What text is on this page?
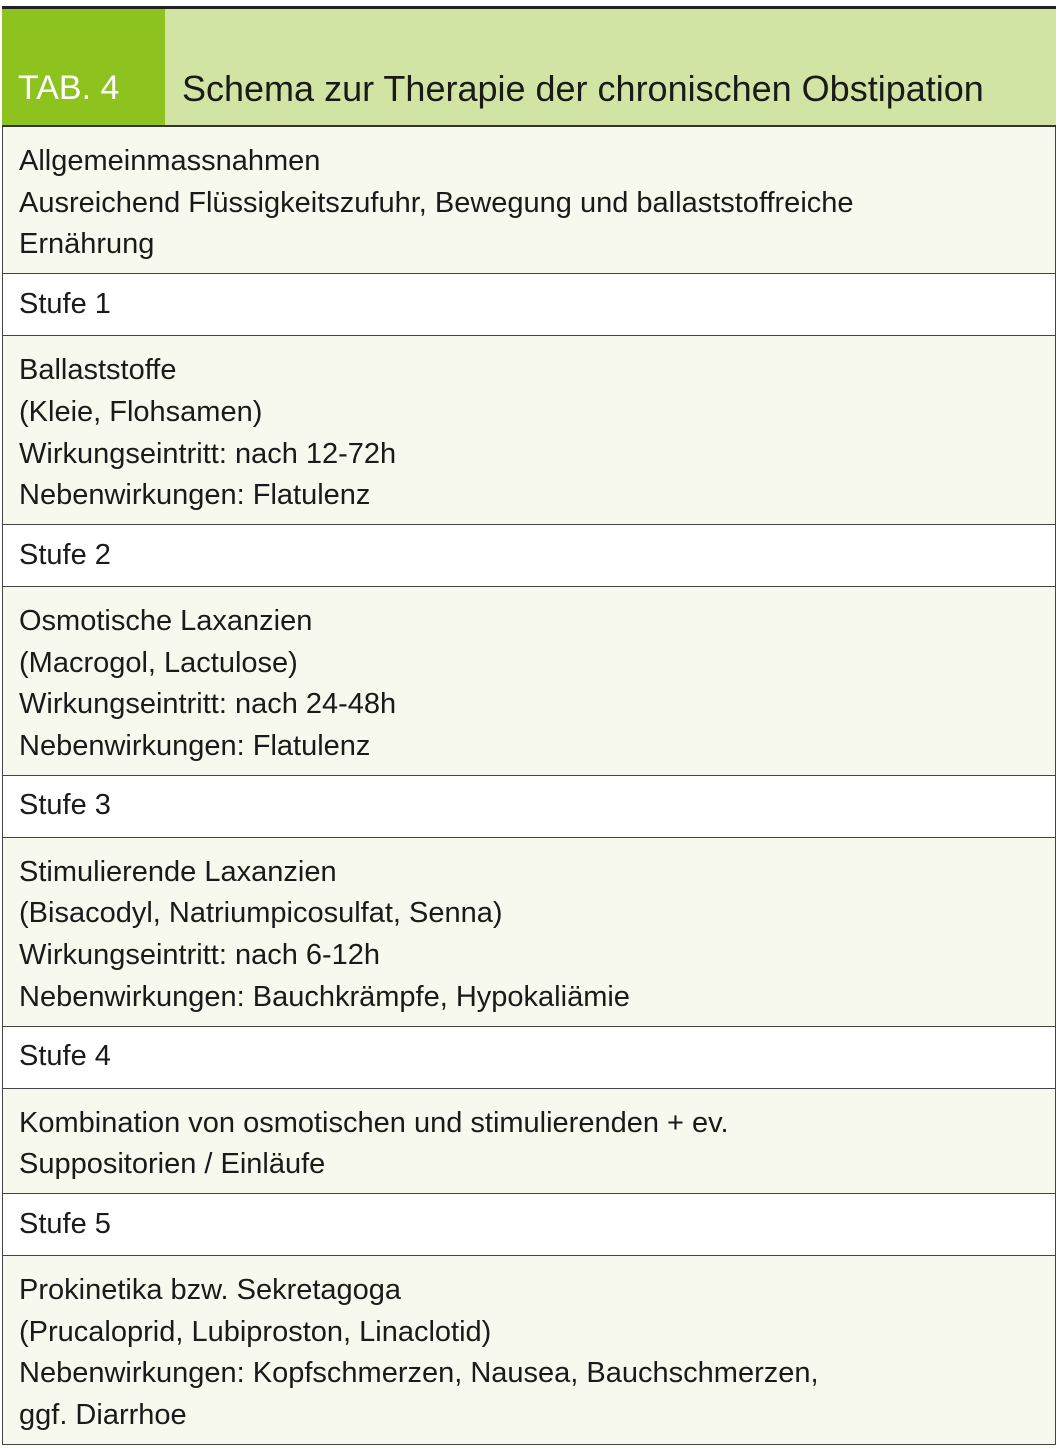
TAB. 4	Schema zur Therapie der chronischen Obstipation
Allgemeinmassnahmen
Ausreichend Flüssigkeitszufuhr, Bewegung und ballaststoffreiche
Ernährung
Stufe 1
Ballaststoffe
(Kleie, Flohsamen)
Wirkungseintritt: nach 12-72h
Nebenwirkungen: Flatulenz
Stufe 2
Osmotische Laxanzien
(Macrogol, Lactulose)
Wirkungseintritt: nach 24-48h
Nebenwirkungen: Flatulenz
Stufe 3
Stimulierende Laxanzien
(Bisacodyl, Natriumpicosulfat, Senna)
Wirkungseintritt: nach 6-12h
Nebenwirkungen: Bauchkrämpfe, Hypokaliämie
Stufe 4
Kombination von osmotischen und stimulierenden + ev.
Suppositorien / Einläufe
Stufe 5
Prokinetika bzw. Sekretagoga
(Prucaloprid, Lubiproston, Linaclotid)
Nebenwirkungen: Kopfschmerzen, Nausea, Bauchschmerzen,
ggf. Diarrhoe
